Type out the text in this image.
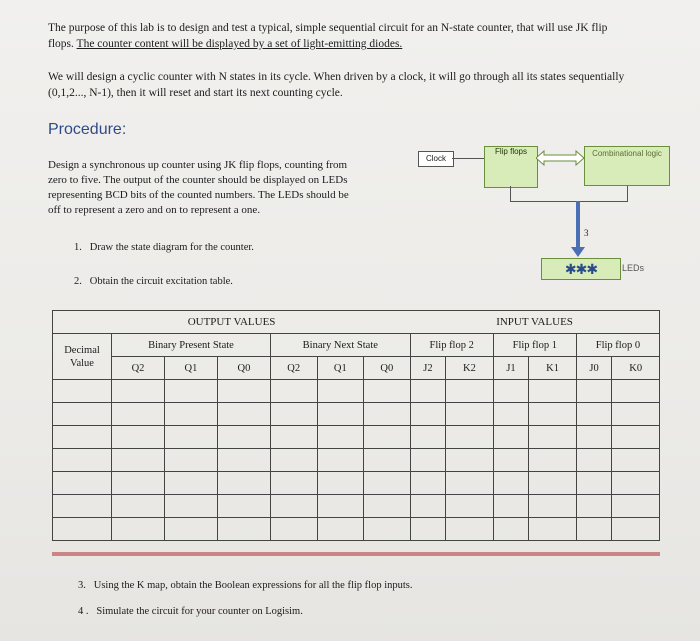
The purpose of this lab is to design and test a typical, simple sequential circuit for an N-state counter, that will use JK flip
flops. The counter content will be displayed by a set of light-emitting diodes.
We will design a cyclic counter with N states in its cycle. When driven by a clock, it will go through all its states sequentially
(0,1,2..., N-1), then it will reset and start its next counting cycle.
Procedure:
Design a synchronous up counter using JK flip flops, counting from
zero to five. The output of the counter should be displayed on LEDs
representing BCD bits of the counted numbers. The LEDs should be
off to represent a zero and on to represent a one.
1. Draw the state diagram for the counter.
2. Obtain the circuit excitation table.
Clock
Flip flops	Combinational logic
3
✱✱✱	LEDs
OUTPUT VALUES							INPUT VALUES					
Decimal Value	Binary Present State			Binary Next State			Flip flop 2		Flip flop 1		Flip flop 0	
	Q2	Q1	Q0	Q2	Q1	Q0	J2	K2	J1	K1	J0	K0

3. Using the K map, obtain the Boolean expressions for all the flip flop inputs.
4 . Simulate the circuit for your counter on Logisim.
